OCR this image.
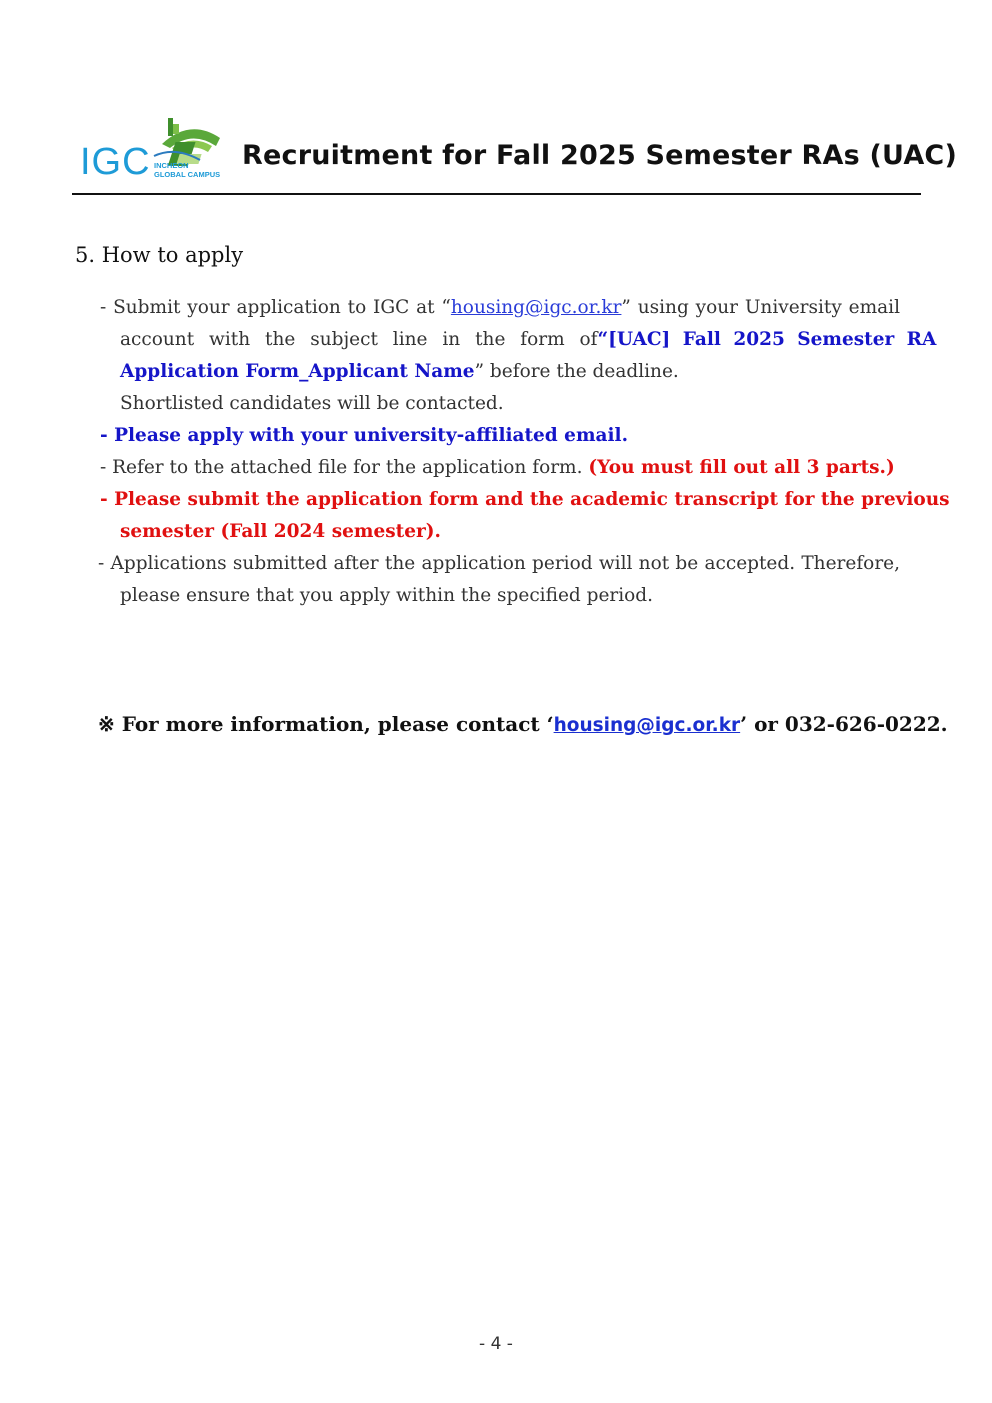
IGC INCHEON
GLOBAL CAMPUS
Recruitment for Fall 2025 Semester RAs (UAC)
5. How to apply
- Submit your application to IGC at “housing@igc.or.kr” using your University email
account with the subject line in the form of “[UAC] Fall 2025 Semester RA
Application Form_Applicant Name” before the deadline.
Shortlisted candidates will be contacted.
- Please apply with your university-affiliated email.
- Refer to the attached file for the application form. (You must fill out all 3 parts.)
- Please submit the application form and the academic transcript for the previous
semester (Fall 2024 semester).
- Applications submitted after the application period will not be accepted. Therefore,
please ensure that you apply within the specified period.
※ For more information, please contact ‘housing@igc.or.kr’ or 032-626-0222.
- 4 -
